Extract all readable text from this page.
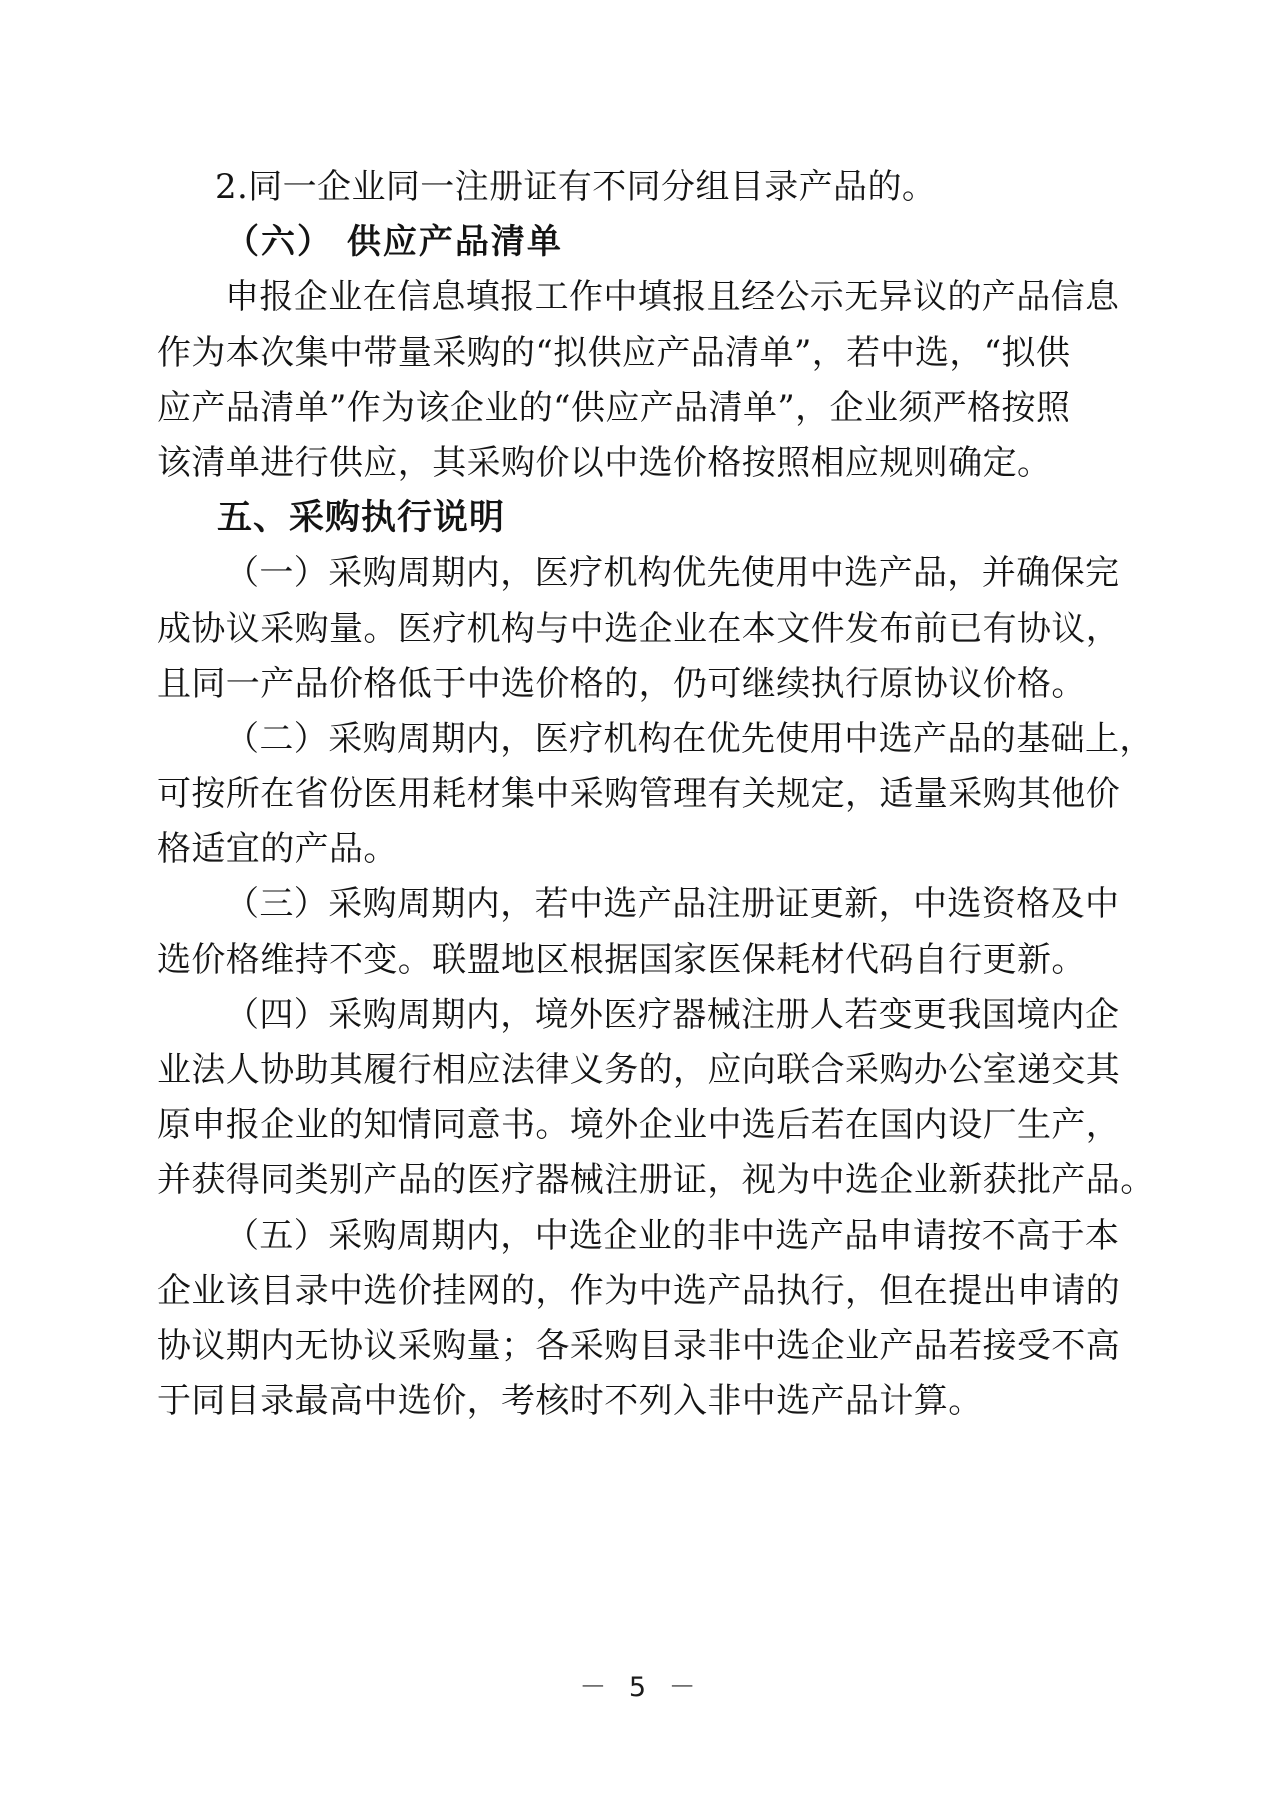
2.同一企业同一注册证有不同分组目录产品的。
（六） 供应产品清单
申报企业在信息填报工作中填报且经公示无异议的产品信息
作为本次集中带量采购的“拟供应产品清单”，若中选，“拟供
应产品清单”作为该企业的“供应产品清单”，企业须严格按照
该清单进行供应，其采购价以中选价格按照相应规则确定。
五、采购执行说明
（一）采购周期内，医疗机构优先使用中选产品，并确保完
成协议采购量。医疗机构与中选企业在本文件发布前已有协议，
且同一产品价格低于中选价格的，仍可继续执行原协议价格。
（二）采购周期内，医疗机构在优先使用中选产品的基础上，
可按所在省份医用耗材集中采购管理有关规定，适量采购其他价
格适宜的产品。
（三）采购周期内，若中选产品注册证更新，中选资格及中
选价格维持不变。联盟地区根据国家医保耗材代码自行更新。
（四）采购周期内，境外医疗器械注册人若变更我国境内企
业法人协助其履行相应法律义务的，应向联合采购办公室递交其
原申报企业的知情同意书。境外企业中选后若在国内设厂生产，
并获得同类别产品的医疗器械注册证，视为中选企业新获批产品。
（五）采购周期内，中选企业的非中选产品申请按不高于本
企业该目录中选价挂网的，作为中选产品执行，但在提出申请的
协议期内无协议采购量；各采购目录非中选企业产品若接受不高
于同目录最高中选价，考核时不列入非中选产品计算。
－ 5 －
